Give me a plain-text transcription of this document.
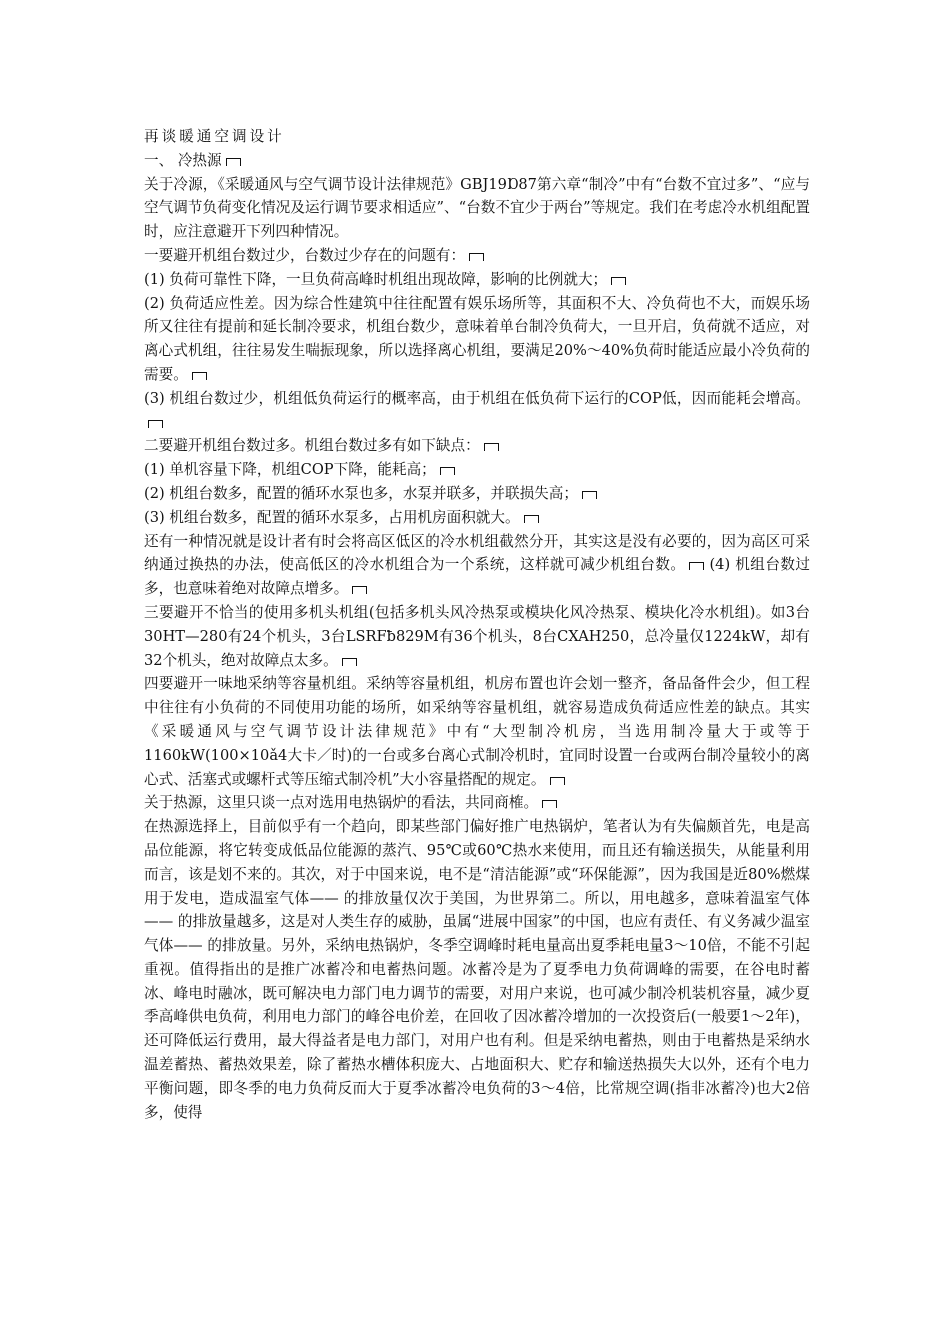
再谈暖通空调设计

一、 冷热源

关于冷源，《采暖通风与空气调节设计法律规范》GBJ19Ɒ87第六章“制冷”中有“台数不宜过多”、“应与空气调节负荷变化情况及运行调节要求相适应”、“台数不宜少于两台”等规定。我们在考虑冷水机组配置时，应注意避开下列四种情况。

一要避开机组台数过少，台数过少存在的问题有：

(1) 负荷可靠性下降，一旦负荷高峰时机组出现故障，影响的比例就大；

(2) 负荷适应性差。因为综合性建筑中往往配置有娱乐场所等，其面积不大、冷负荷也不大，而娱乐场所又往往有提前和延长制冷要求，机组台数少，意味着单台制冷负荷大，一旦开启，负荷就不适应，对离心式机组，往往易发生喘振现象，所以选择离心机组，要满足20%～40%负荷时能适应最小冷负荷的需要。

(3) 机组台数过少，机组低负荷运行的概率高，由于机组在低负荷下运行的COP低，因而能耗会增高。

二要避开机组台数过多。机组台数过多有如下缺点：

(1) 单机容量下降，机组COP下降，能耗高；

(2) 机组台数多，配置的循环水泵也多，水泵并联多，并联损失高；

(3) 机组台数多，配置的循环水泵多，占用机房面积就大。

还有一种情况就是设计者有时会将高区低区的冷水机组截然分开，其实这是没有必要的，因为高区可采纳通过换热的办法，使高低区的冷水机组合为一个系统，这样就可减少机组台数。 (4) 机组台数过多，也意味着绝对故障点增多。

三要避开不恰当的使用多机头机组(包括多机头风冷热泵或模块化风冷热泵、模块化冷水机组)。如3台30HT—280有24个机头，3台LSRFƀ829M有36个机头，8台CXAH250，总冷量仅1224kW，却有32个机头，绝对故障点太多。

四要避开一味地采纳等容量机组。采纳等容量机组，机房布置也许会划一整齐，备品备件会少，但工程中往往有小负荷的不同使用功能的场所，如采纳等容量机组，就容易造成负荷适应性差的缺点。其实《采暖通风与空气调节设计法律规范》中有“大型制冷机房，当选用制冷量大于或等于1160kW(100×10ǎ4大卡／时)的一台或多台离心式制冷机时，宜同时设置一台或两台制冷量较小的离心式、活塞式或螺杆式等压缩式制冷机”大小容量搭配的规定。

关于热源，这里只谈一点对选用电热锅炉的看法，共同商榷。

在热源选择上，目前似乎有一个趋向，即某些部门偏好推广电热锅炉，笔者认为有失偏颇首先，电是高品位能源，将它转变成低品位能源的蒸汽、95℃或60℃热水来使用，而且还有输送损失，从能量利用而言，该是划不来的。其次，对于中国来说，电不是“清洁能源”或“环保能源”，因为我国是近80%燃煤用于发电，造成温室气体—— 的排放量仅次于美国，为世界第二。所以，用电越多，意味着温室气体—— 的排放量越多，这是对人类生存的威胁，虽属“进展中国家”的中国，也应有责任、有义务减少温室气体—— 的排放量。另外，采纳电热锅炉，冬季空调峰时耗电量高出夏季耗电量3～10倍，不能不引起重视。值得指出的是推广冰蓄冷和电蓄热问题。冰蓄冷是为了夏季电力负荷调峰的需要，在谷电时蓄冰、峰电时融冰，既可解决电力部门电力调节的需要，对用户来说，也可减少制冷机装机容量，减少夏季高峰供电负荷，利用电力部门的峰谷电价差，在回收了因冰蓄冷增加的一次投资后(一般要1～2年)，还可降低运行费用，最大得益者是电力部门，对用户也有利。但是采纳电蓄热，则由于电蓄热是采纳水温差蓄热、蓄热效果差，除了蓄热水槽体积庞大、占地面积大、贮存和输送热损失大以外，还有个电力平衡问题，即冬季的电力负荷反而大于夏季冰蓄冷电负荷的3～4倍，比常规空调(指非冰蓄冷)也大2倍多，使得
